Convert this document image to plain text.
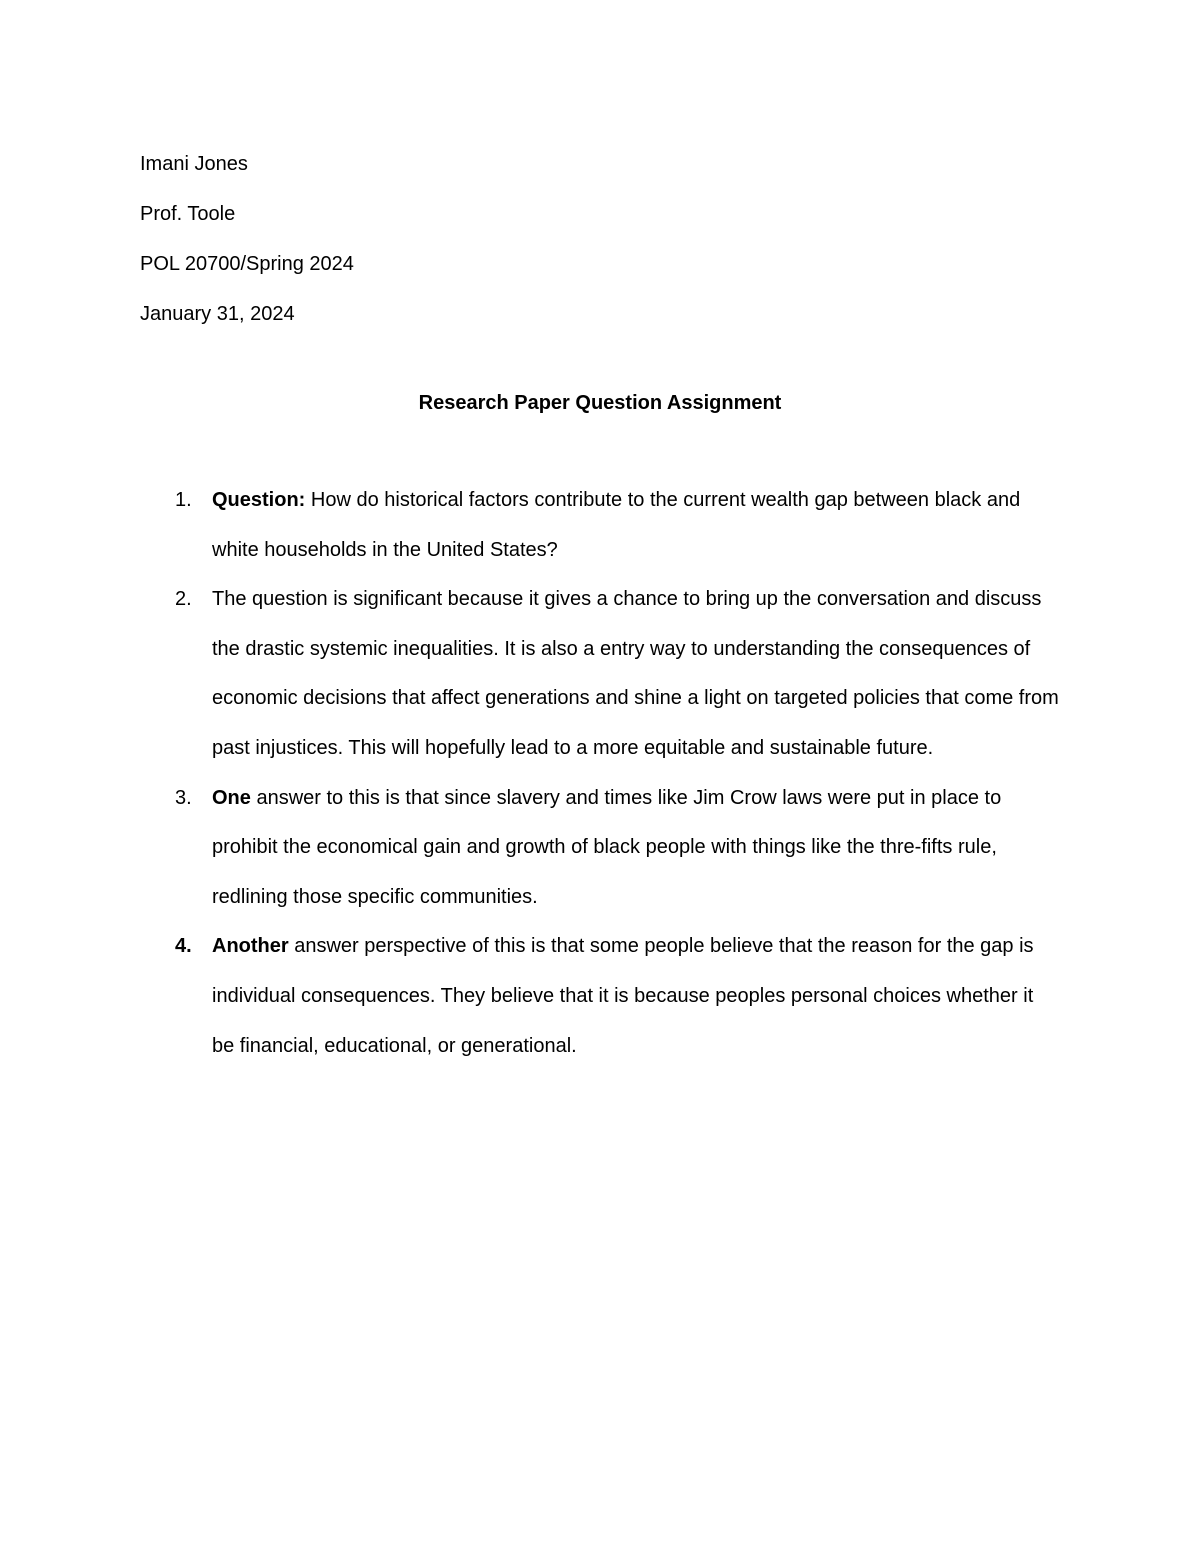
Imani Jones
Prof. Toole
POL 20700/Spring 2024
January 31, 2024
Research Paper Question Assignment
1.	Question: How do historical factors contribute to the current wealth gap between black and white households in the United States?
2.	The question is significant because it gives a chance to bring up the conversation and discuss the drastic systemic inequalities. It is also a entry way to understanding the consequences of economic decisions that affect generations and shine a light on targeted policies that come from past injustices. This will hopefully lead to a more equitable and sustainable future.
3.	One answer to this is that since slavery and times like Jim Crow laws were put in place to prohibit the economical gain and growth of black people with things like the thre-fifts rule, redlining those specific communities.
4.	Another answer perspective of this is that some people believe that the reason for the gap is individual consequences. They believe that it is because peoples personal choices whether it be financial, educational, or generational.
